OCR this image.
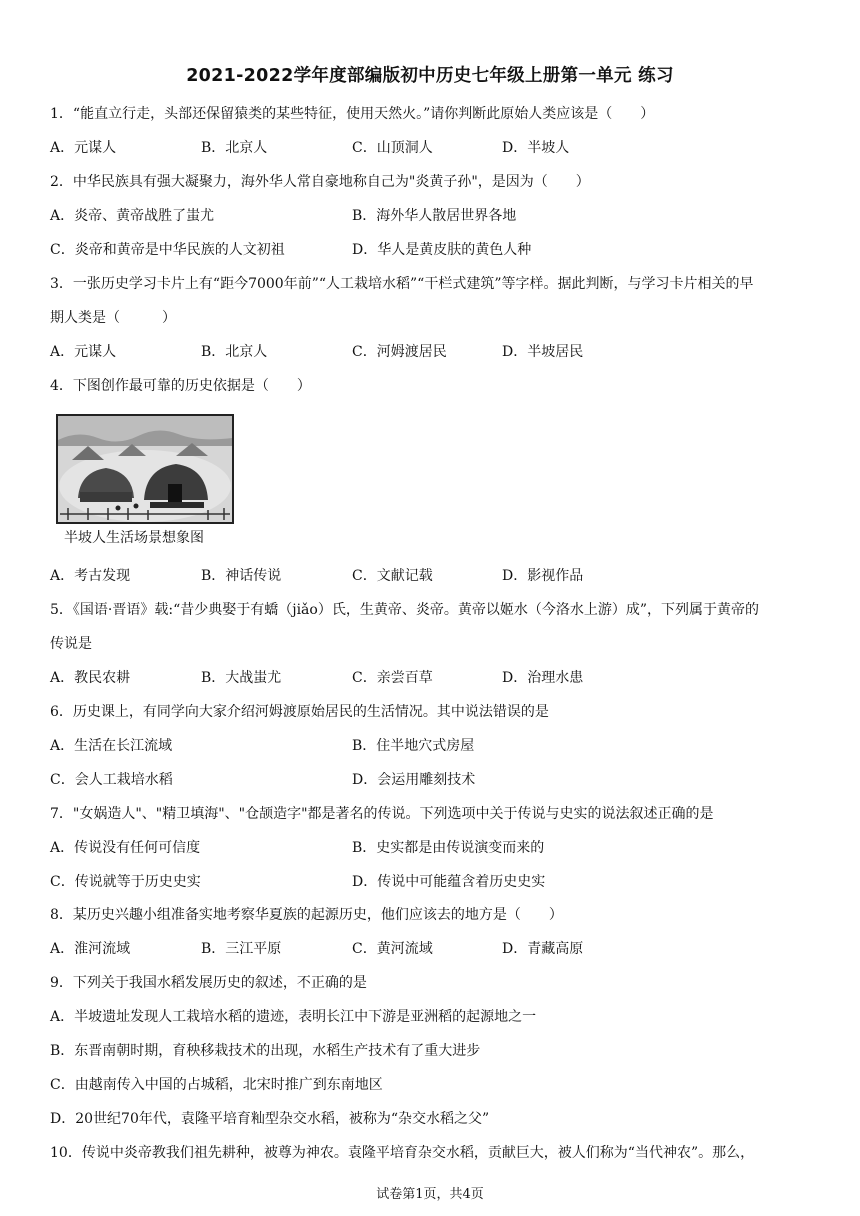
2021-2022学年度部编版初中历史七年级上册第一单元 练习
1．“能直立行走，头部还保留猿类的某些特征，使用天然火。”请你判断此原始人类应该是（　　）
A．元谋人	B．北京人	C．山顶洞人	D．半坡人
2．中华民族具有强大凝聚力，海外华人常自豪地称自己为"炎黄子孙"，是因为（　　）
A．炎帝、黄帝战胜了蚩尤	B．海外华人散居世界各地
C．炎帝和黄帝是中华民族的人文初祖	D．华人是黄皮肤的黄色人种
3．一张历史学习卡片上有“距今7000年前”“人工栽培水稻”“干栏式建筑”等字样。据此判断，与学习卡片相关的早
期人类是（　　　）
A．元谋人	B．北京人	C．河姆渡居民	D．半坡居民
4．下图创作最可靠的历史依据是（　　）
半坡人生活场景想象图
A．考古发现	B．神话传说	C．文献记载	D．影视作品
5．《国语·晋语》载:“昔少典娶于有蟜（jiǎo）氏，生黄帝、炎帝。黄帝以姬水（今洛水上游）成”，下列属于黄帝的
传说是
A．教民农耕	B．大战蚩尤	C．亲尝百草	D．治理水患
6．历史课上，有同学向大家介绍河姆渡原始居民的生活情况。其中说法错误的是
A．生活在长江流域	B．住半地穴式房屋
C．会人工栽培水稻	D．会运用雕刻技术
7．"女娲造人"、"精卫填海"、"仓颉造字"都是著名的传说。下列选项中关于传说与史实的说法叙述正确的是
A．传说没有任何可信度	B．史实都是由传说演变而来的
C．传说就等于历史史实	D．传说中可能蕴含着历史史实
8．某历史兴趣小组准备实地考察华夏族的起源历史，他们应该去的地方是（　　）
A．淮河流域	B．三江平原	C．黄河流域	D．青藏高原
9．下列关于我国水稻发展历史的叙述，不正确的是
A．半坡遗址发现人工栽培水稻的遗迹，表明长江中下游是亚洲稻的起源地之一
B．东晋南朝时期，育秧移栽技术的出现，水稻生产技术有了重大进步
C．由越南传入中国的占城稻，北宋时推广到东南地区
D．20世纪70年代，袁隆平培育籼型杂交水稻，被称为“杂交水稻之父”
10．传说中炎帝教我们祖先耕种，被尊为神农。袁隆平培育杂交水稻，贡献巨大，被人们称为“当代神农”。那么，
试卷第1页，共4页
